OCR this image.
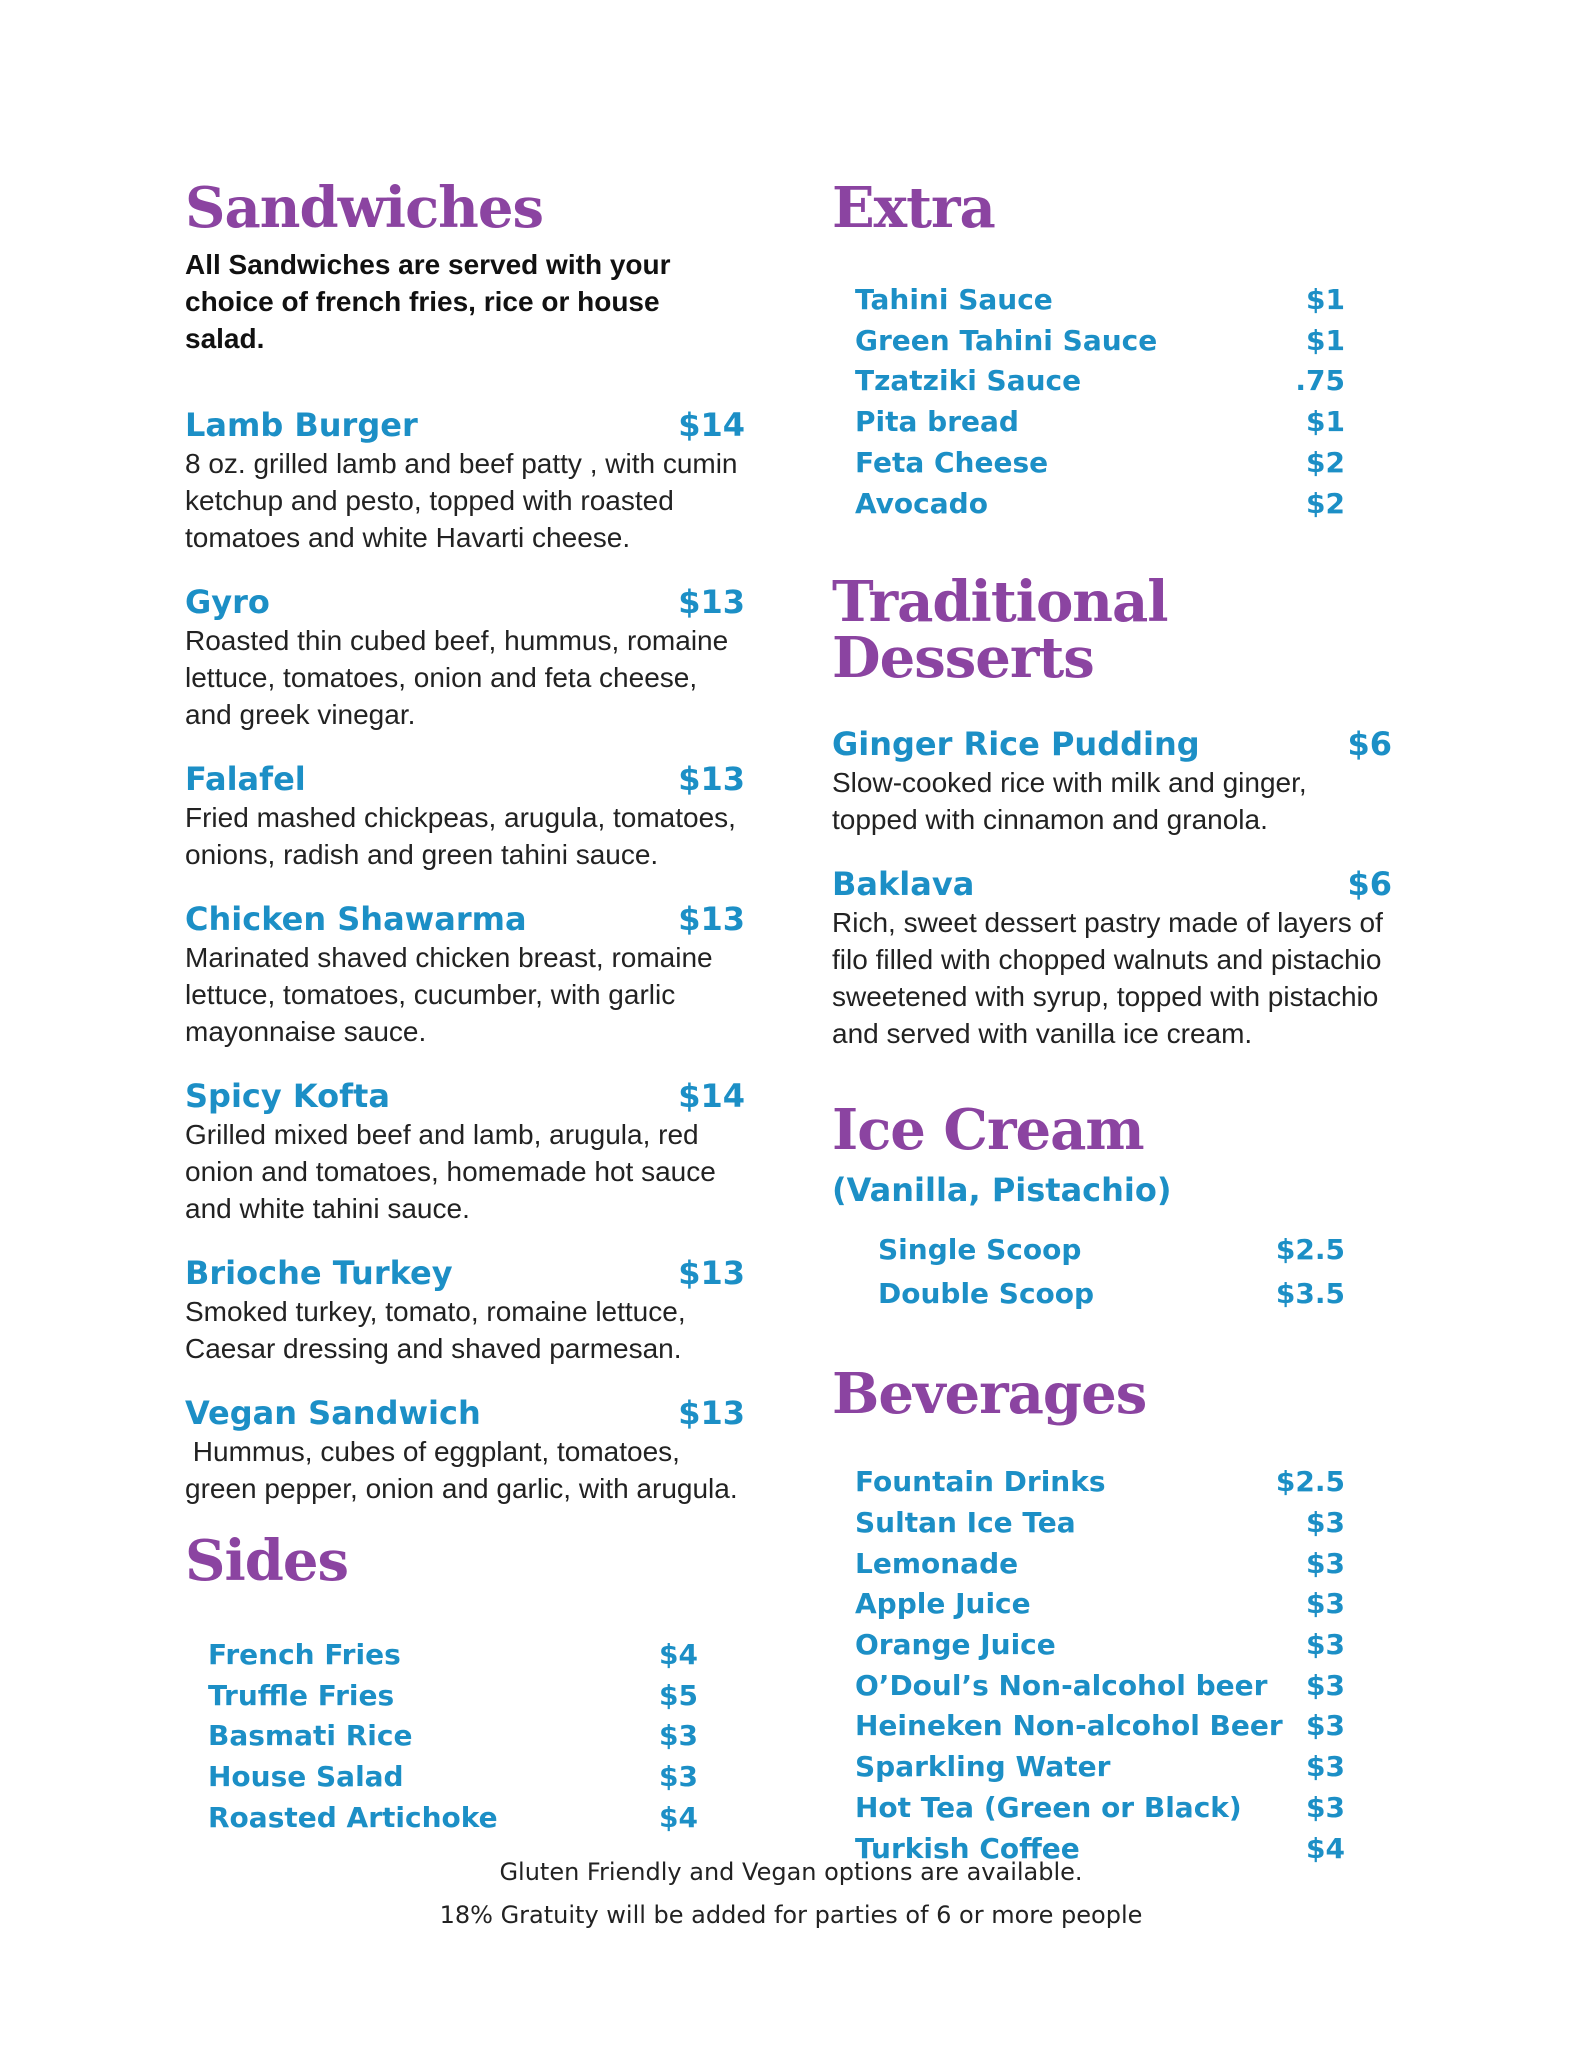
Sandwiches
All Sandwiches are served with your choice of french fries, rice or house salad.
Lamb Burger	$14
8 oz. grilled lamb and beef patty , with cumin ketchup and pesto, topped with roasted tomatoes and white Havarti cheese.
Gyro	$13
Roasted thin cubed beef, hummus, romaine lettuce, tomatoes, onion and feta cheese, and greek vinegar.
Falafel	$13
Fried mashed chickpeas, arugula, tomatoes, onions, radish and green tahini sauce.
Chicken Shawarma	$13
Marinated shaved chicken breast, romaine lettuce, tomatoes, cucumber, with garlic mayonnaise sauce.
Spicy Kofta	$14
Grilled mixed beef and lamb, arugula, red onion and tomatoes, homemade hot sauce and white tahini sauce.
Brioche Turkey	$13
Smoked turkey, tomato, romaine lettuce, Caesar dressing and shaved parmesan.
Vegan Sandwich	$13
Hummus, cubes of eggplant, tomatoes, green pepper, onion and garlic, with arugula.
Sides
French Fries	$4
Truffle Fries	$5
Basmati Rice	$3
House Salad	$3
Roasted Artichoke	$4
Extra
Tahini Sauce	$1
Green Tahini Sauce	$1
Tzatziki Sauce	.75
Pita bread	$1
Feta Cheese	$2
Avocado	$2
Traditional Desserts
Ginger Rice Pudding	$6
Slow-cooked rice with milk and ginger, topped with cinnamon and granola.
Baklava	$6
Rich, sweet dessert pastry made of layers of filo filled with chopped walnuts and pistachio sweetened with syrup, topped with pistachio and served with vanilla ice cream.
Ice Cream
(Vanilla, Pistachio)
Single Scoop	$2.5
Double Scoop	$3.5
Beverages
Fountain Drinks	$2.5
Sultan Ice Tea	$3
Lemonade	$3
Apple Juice	$3
Orange Juice	$3
O’Doul’s Non-alcohol beer $3
Heineken Non-alcohol Beer $3
Sparkling Water	$3
Hot Tea (Green or Black) $3
Turkish Coffee	$4
Gluten Friendly and Vegan options are available.
18% Gratuity will be added for parties of 6 or more people
